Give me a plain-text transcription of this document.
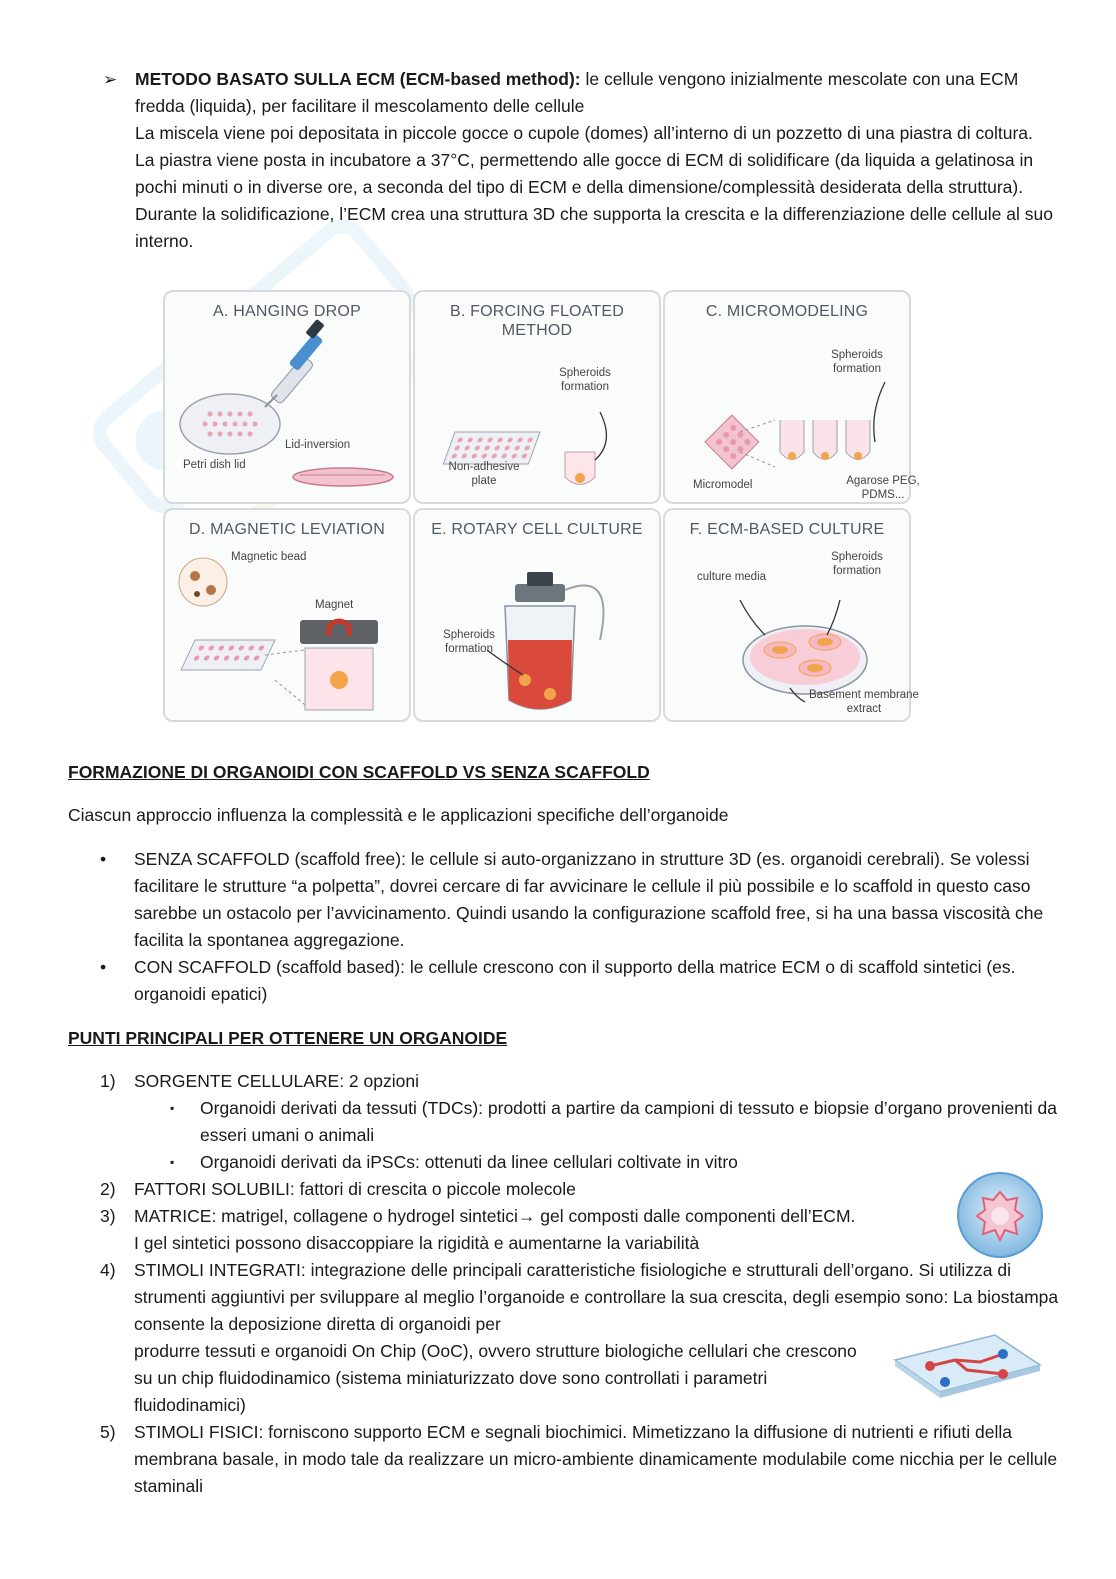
➢ METODO BASATO SULLA ECM (ECM-based method): le cellule vengono inizialmente mescolate con una ECM fredda (liquida), per facilitare il mescolamento delle cellule

La miscela viene poi depositata in piccole gocce o cupole (domes) all’interno di un pozzetto di una piastra di coltura.

La piastra viene posta in incubatore a 37°C, permettendo alle gocce di ECM di solidificare (da liquida a gelatinosa in pochi minuti o in diverse ore, a seconda del tipo di ECM e della dimensione/complessità desiderata della struttura). Durante la solidificazione, l’ECM crea una struttura 3D che supporta la crescita e la differenziazione delle cellule al suo interno.

A. HANGING DROP
Lid-inversion
Petri dish lid
B. FORCING FLOATED METHOD
Spheroids formation
Non-adhesive plate
C. MICROMODELING
Spheroids formation
Micromodel	Agarose PEG, PDMS...
D. MAGNETIC LEVIATION
Magnetic bead
Magnet
E. ROTARY CELL CULTURE
Spheroids formation
F. ECM-BASED CULTURE
culture media
Spheroids formation
Basement membrane extract
FORMAZIONE DI ORGANOIDI CON SCAFFOLD VS SENZA SCAFFOLD
Ciascun approccio influenza la complessità e le applicazioni specifiche dell’organoide
• SENZA SCAFFOLD (scaffold free): le cellule si auto-organizzano in strutture 3D (es. organoidi cerebrali). Se volessi facilitare le strutture “a polpetta”, dovrei cercare di far avvicinare le cellule il più possibile e lo scaffold in questo caso sarebbe un ostacolo per l’avvicinamento. Quindi usando la configurazione scaffold free, si ha una bassa viscosità che facilita la spontanea aggregazione.
• CON SCAFFOLD (scaffold based): le cellule crescono con il supporto della matrice ECM o di scaffold sintetici (es. organoidi epatici)
PUNTI PRINCIPALI PER OTTENERE UN ORGANOIDE
1) SORGENTE CELLULARE: 2 opzioni
▪ Organoidi derivati da tessuti (TDCs): prodotti a partire da campioni di tessuto e biopsie d’organo provenienti da esseri umani o animali
▪ Organoidi derivati da iPSCs: ottenuti da linee cellulari coltivate in vitro
2) FATTORI SOLUBILI: fattori di crescita o piccole molecole
3) MATRICE: matrigel, collagene o hydrogel sintetici→ gel composti dalle componenti dell’ECM. I gel sintetici possono disaccoppiare la rigidità e aumentarne la variabilità
4) STIMOLI INTEGRATI: integrazione delle principali caratteristiche fisiologiche e strutturali dell’organo. Si utilizza di strumenti aggiuntivi per sviluppare al meglio l’organoide e controllare la sua crescita, degli esempio sono: La biostampa consente la deposizione diretta di organoidi per
produrre tessuti e organoidi On Chip (OoC), ovvero strutture biologiche cellulari che crescono su un chip fluidodinamico (sistema miniaturizzato dove sono controllati i parametri fluidodinamici)
5) STIMOLI FISICI: forniscono supporto ECM e segnali biochimici. Mimetizzano la diffusione di nutrienti e rifiuti della membrana basale, in modo tale da realizzare un micro-ambiente dinamicamente modulabile come nicchia per le cellule staminali
